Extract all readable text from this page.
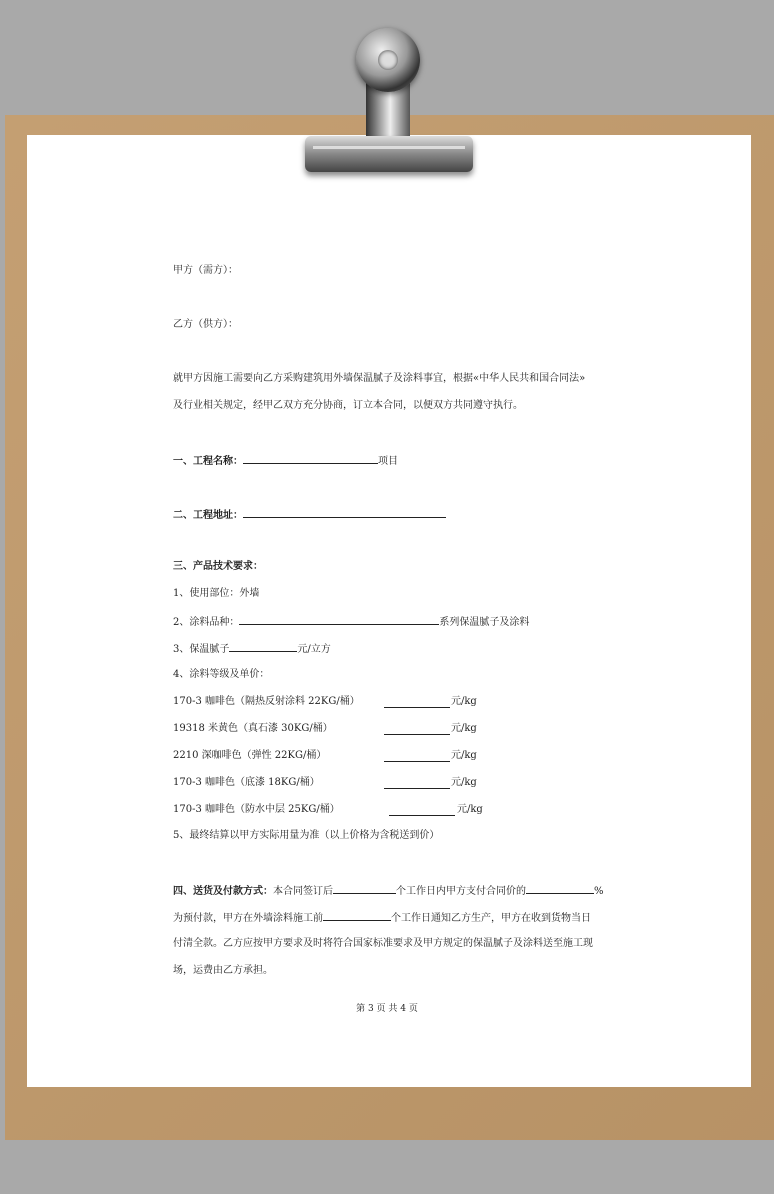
甲方（需方）：
乙方（供方）：
就甲方因施工需要向乙方采购建筑用外墙保温腻子及涂料事宜，根据«中华人民共和国合同法»
及行业相关规定，经甲乙双方充分协商，订立本合同，以便双方共同遵守执行。
一、工程名称：	项目
二、工程地址：
三、产品技术要求：
1、使用部位：外墙
2、涂料品种：	系列保温腻子及涂料
3、保温腻子	元/立方
4、涂料等级及单价：
170-3 咖啡色（隔热反射涂料 22KG/桶）	元/kg
19318 米黄色（真石漆 30KG/桶）	元/kg
2210 深咖啡色（弹性 22KG/桶）	元/kg
170-3 咖啡色（底漆 18KG/桶）	元/kg
170-3 咖啡色（防水中层 25KG/桶）	元/kg
5、最终结算以甲方实际用量为准（以上价格为含税送到价）
四、送货及付款方式：本合同签订后	个工作日内甲方支付合同价的	%
为预付款，甲方在外墙涂料施工前	个工作日通知乙方生产，甲方在收到货物当日
付清全款。乙方应按甲方要求及时将符合国家标准要求及甲方规定的保温腻子及涂料送至施工现
场，运费由乙方承担。
第 3 页 共 4 页
